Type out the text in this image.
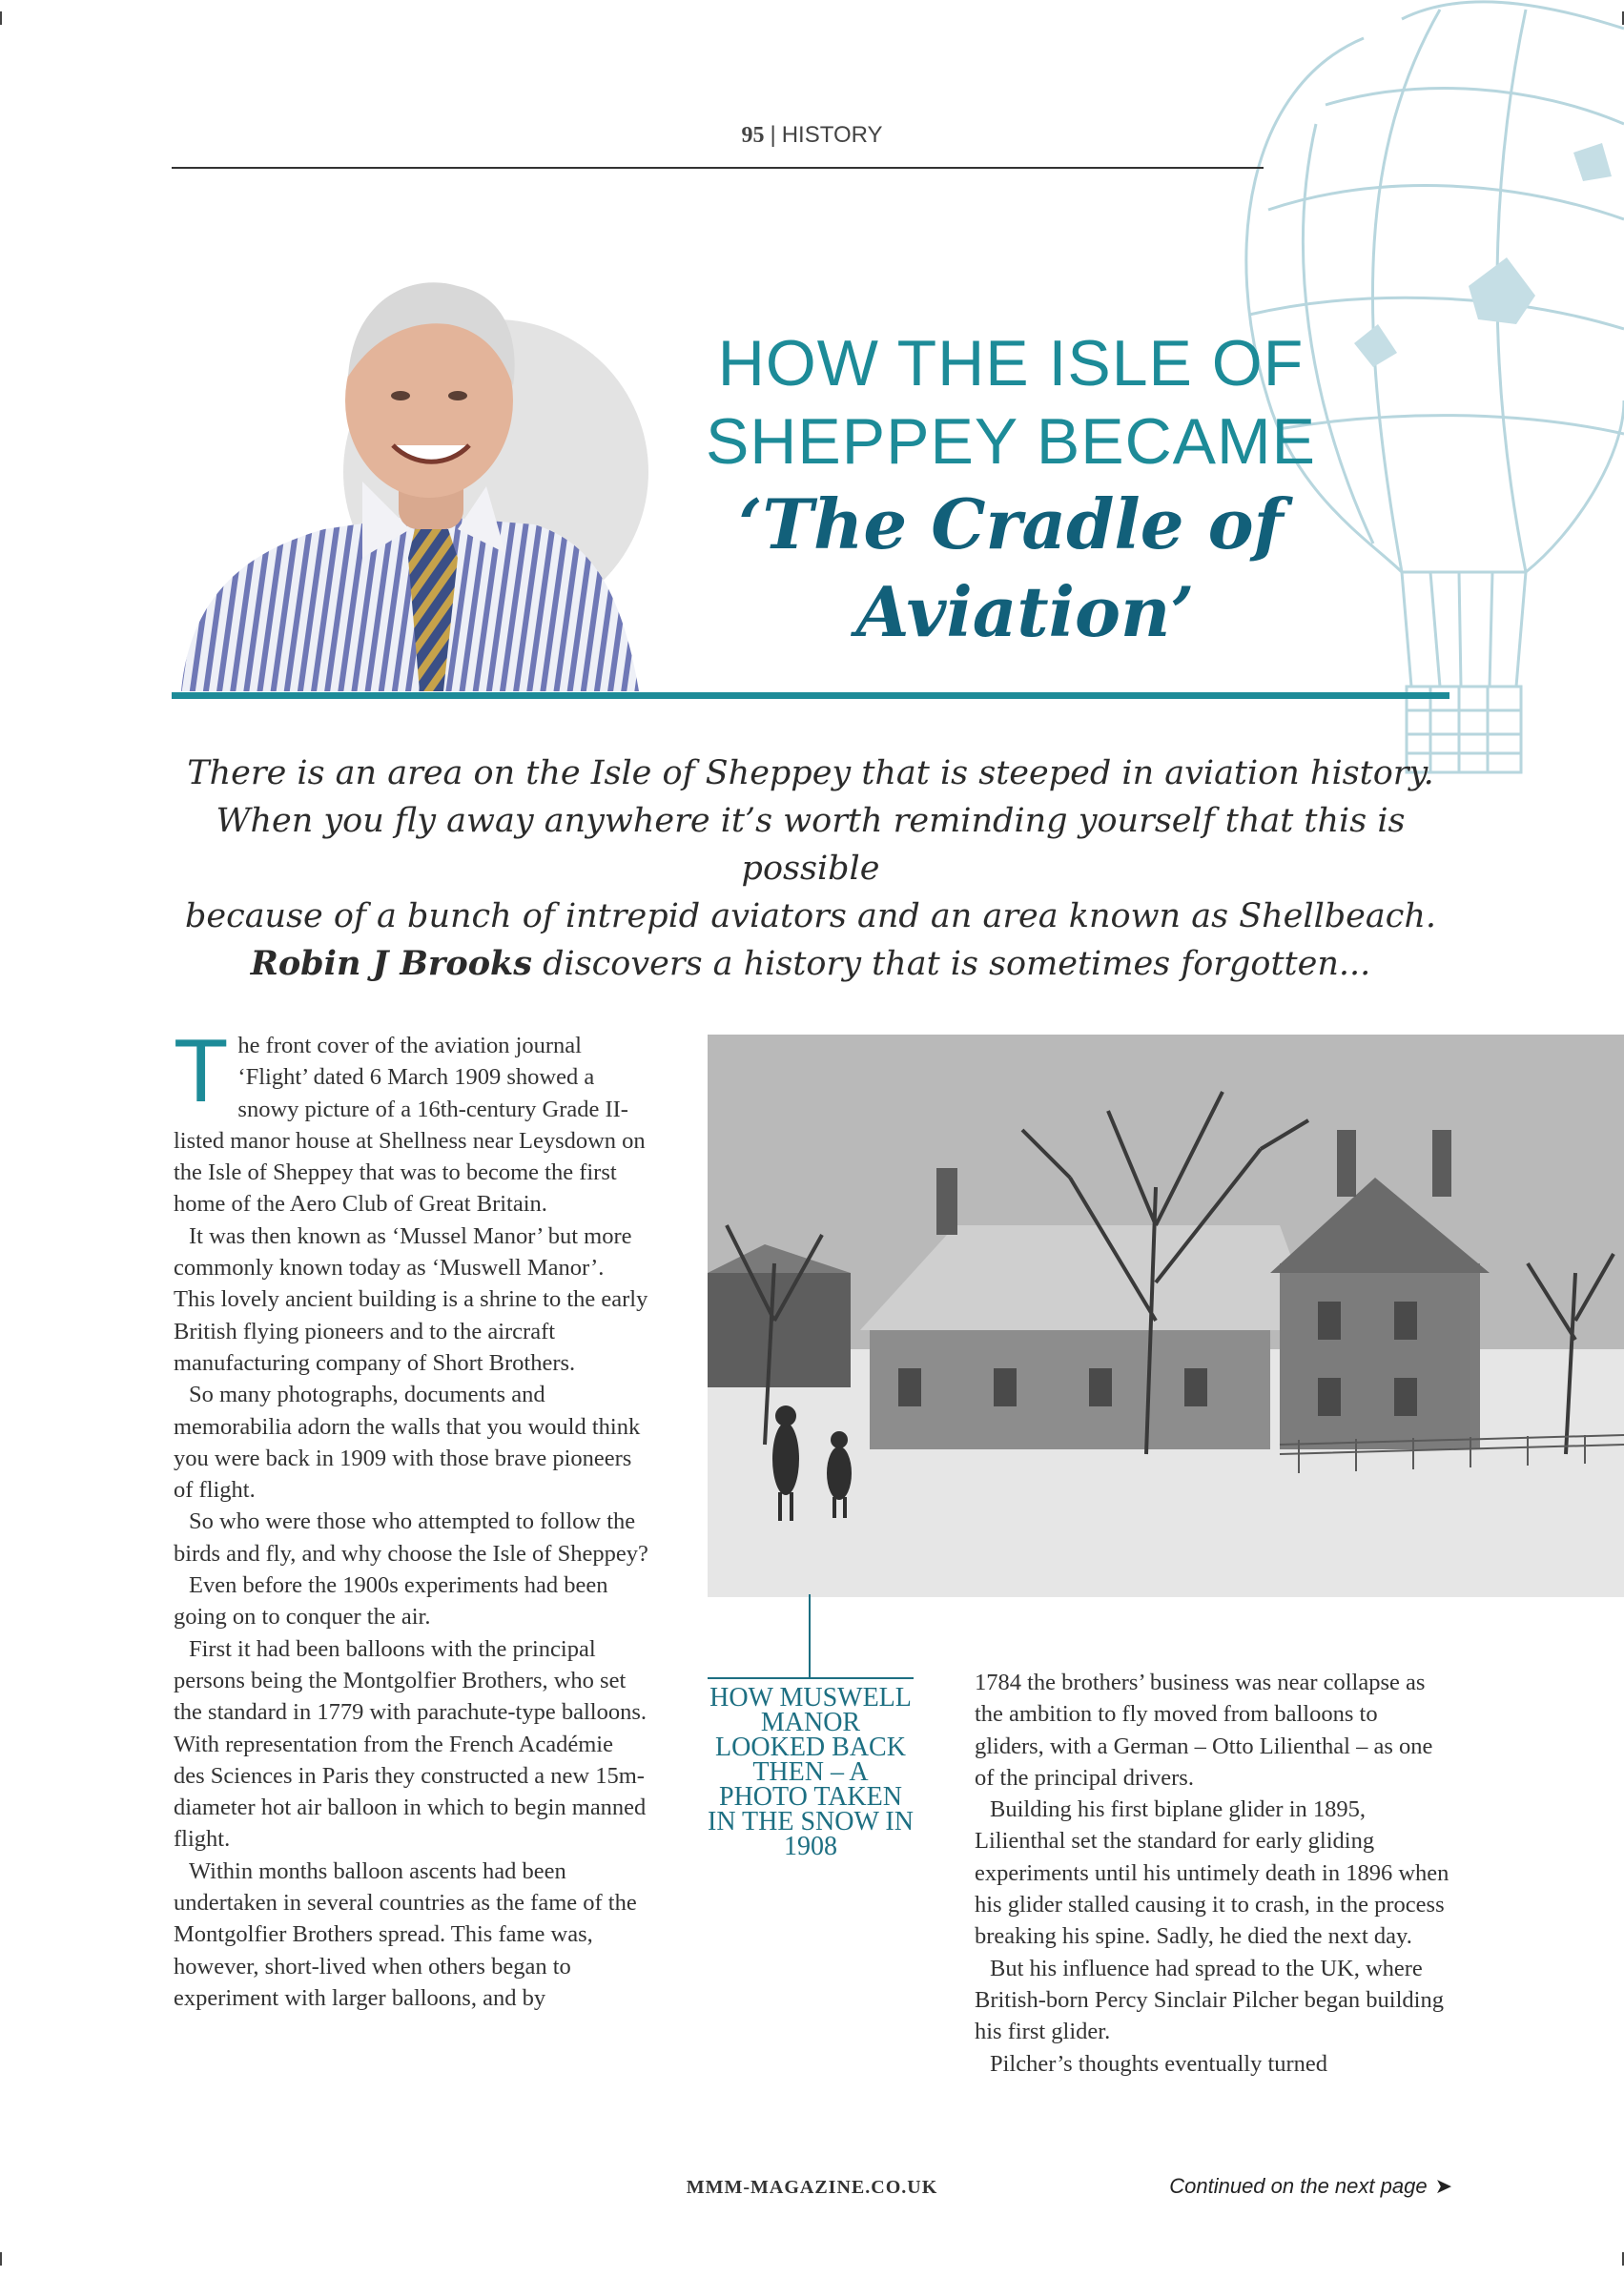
95 | HISTORY
HOW THE ISLE OF
SHEPPEY BECAME
‘The Cradle of
Aviation’
There is an area on the Isle of Sheppey that is steeped in aviation history.
When you fly away anywhere it’s worth reminding yourself that this is possible
because of a bunch of intrepid aviators and an area known as Shellbeach.
Robin J Brooks discovers a history that is sometimes forgotten...

The front cover of the aviation journal ‘Flight’ dated 6 March 1909 showed a snowy picture of a 16th-century Grade II-listed manor house at Shellness near Leysdown on the Isle of Sheppey that was to become the first home of the Aero Club of Great Britain.

It was then known as ‘Mussel Manor’ but more commonly known today as ‘Muswell Manor’. This lovely ancient building is a shrine to the early British flying pioneers and to the aircraft manufacturing company of Short Brothers.

So many photographs, documents and memorabilia adorn the walls that you would think you were back in 1909 with those brave pioneers of flight.

So who were those who attempted to follow the birds and fly, and why choose the Isle of Sheppey?

Even before the 1900s experiments had been going on to conquer the air.

First it had been balloons with the principal persons being the Montgolfier Brothers, who set the standard in 1779 with parachute-type balloons. With representation from the French Académie des Sciences in Paris they constructed a new 15m-diameter hot air balloon in which to begin manned flight.

Within months balloon ascents had been undertaken in several countries as the fame of the Montgolfier Brothers spread. This fame was, however, short-lived when others began to experiment with larger balloons, and by

HOW MUSWELL MANOR LOOKED BACK THEN – A PHOTO TAKEN IN THE SNOW IN 1908

1784 the brothers’ business was near collapse as the ambition to fly moved from balloons to gliders, with a German – Otto Lilienthal – as one of the principal drivers.

Building his first biplane glider in 1895, Lilienthal set the standard for early gliding experiments until his untimely death in 1896 when his glider stalled causing it to crash, in the process breaking his spine. Sadly, he died the next day.

But his influence had spread to the UK, where British-born Percy Sinclair Pilcher began building his first glider.

Pilcher’s thoughts eventually turned

MMM-MAGAZINE.CO.UK	Continued on the next page ➤
